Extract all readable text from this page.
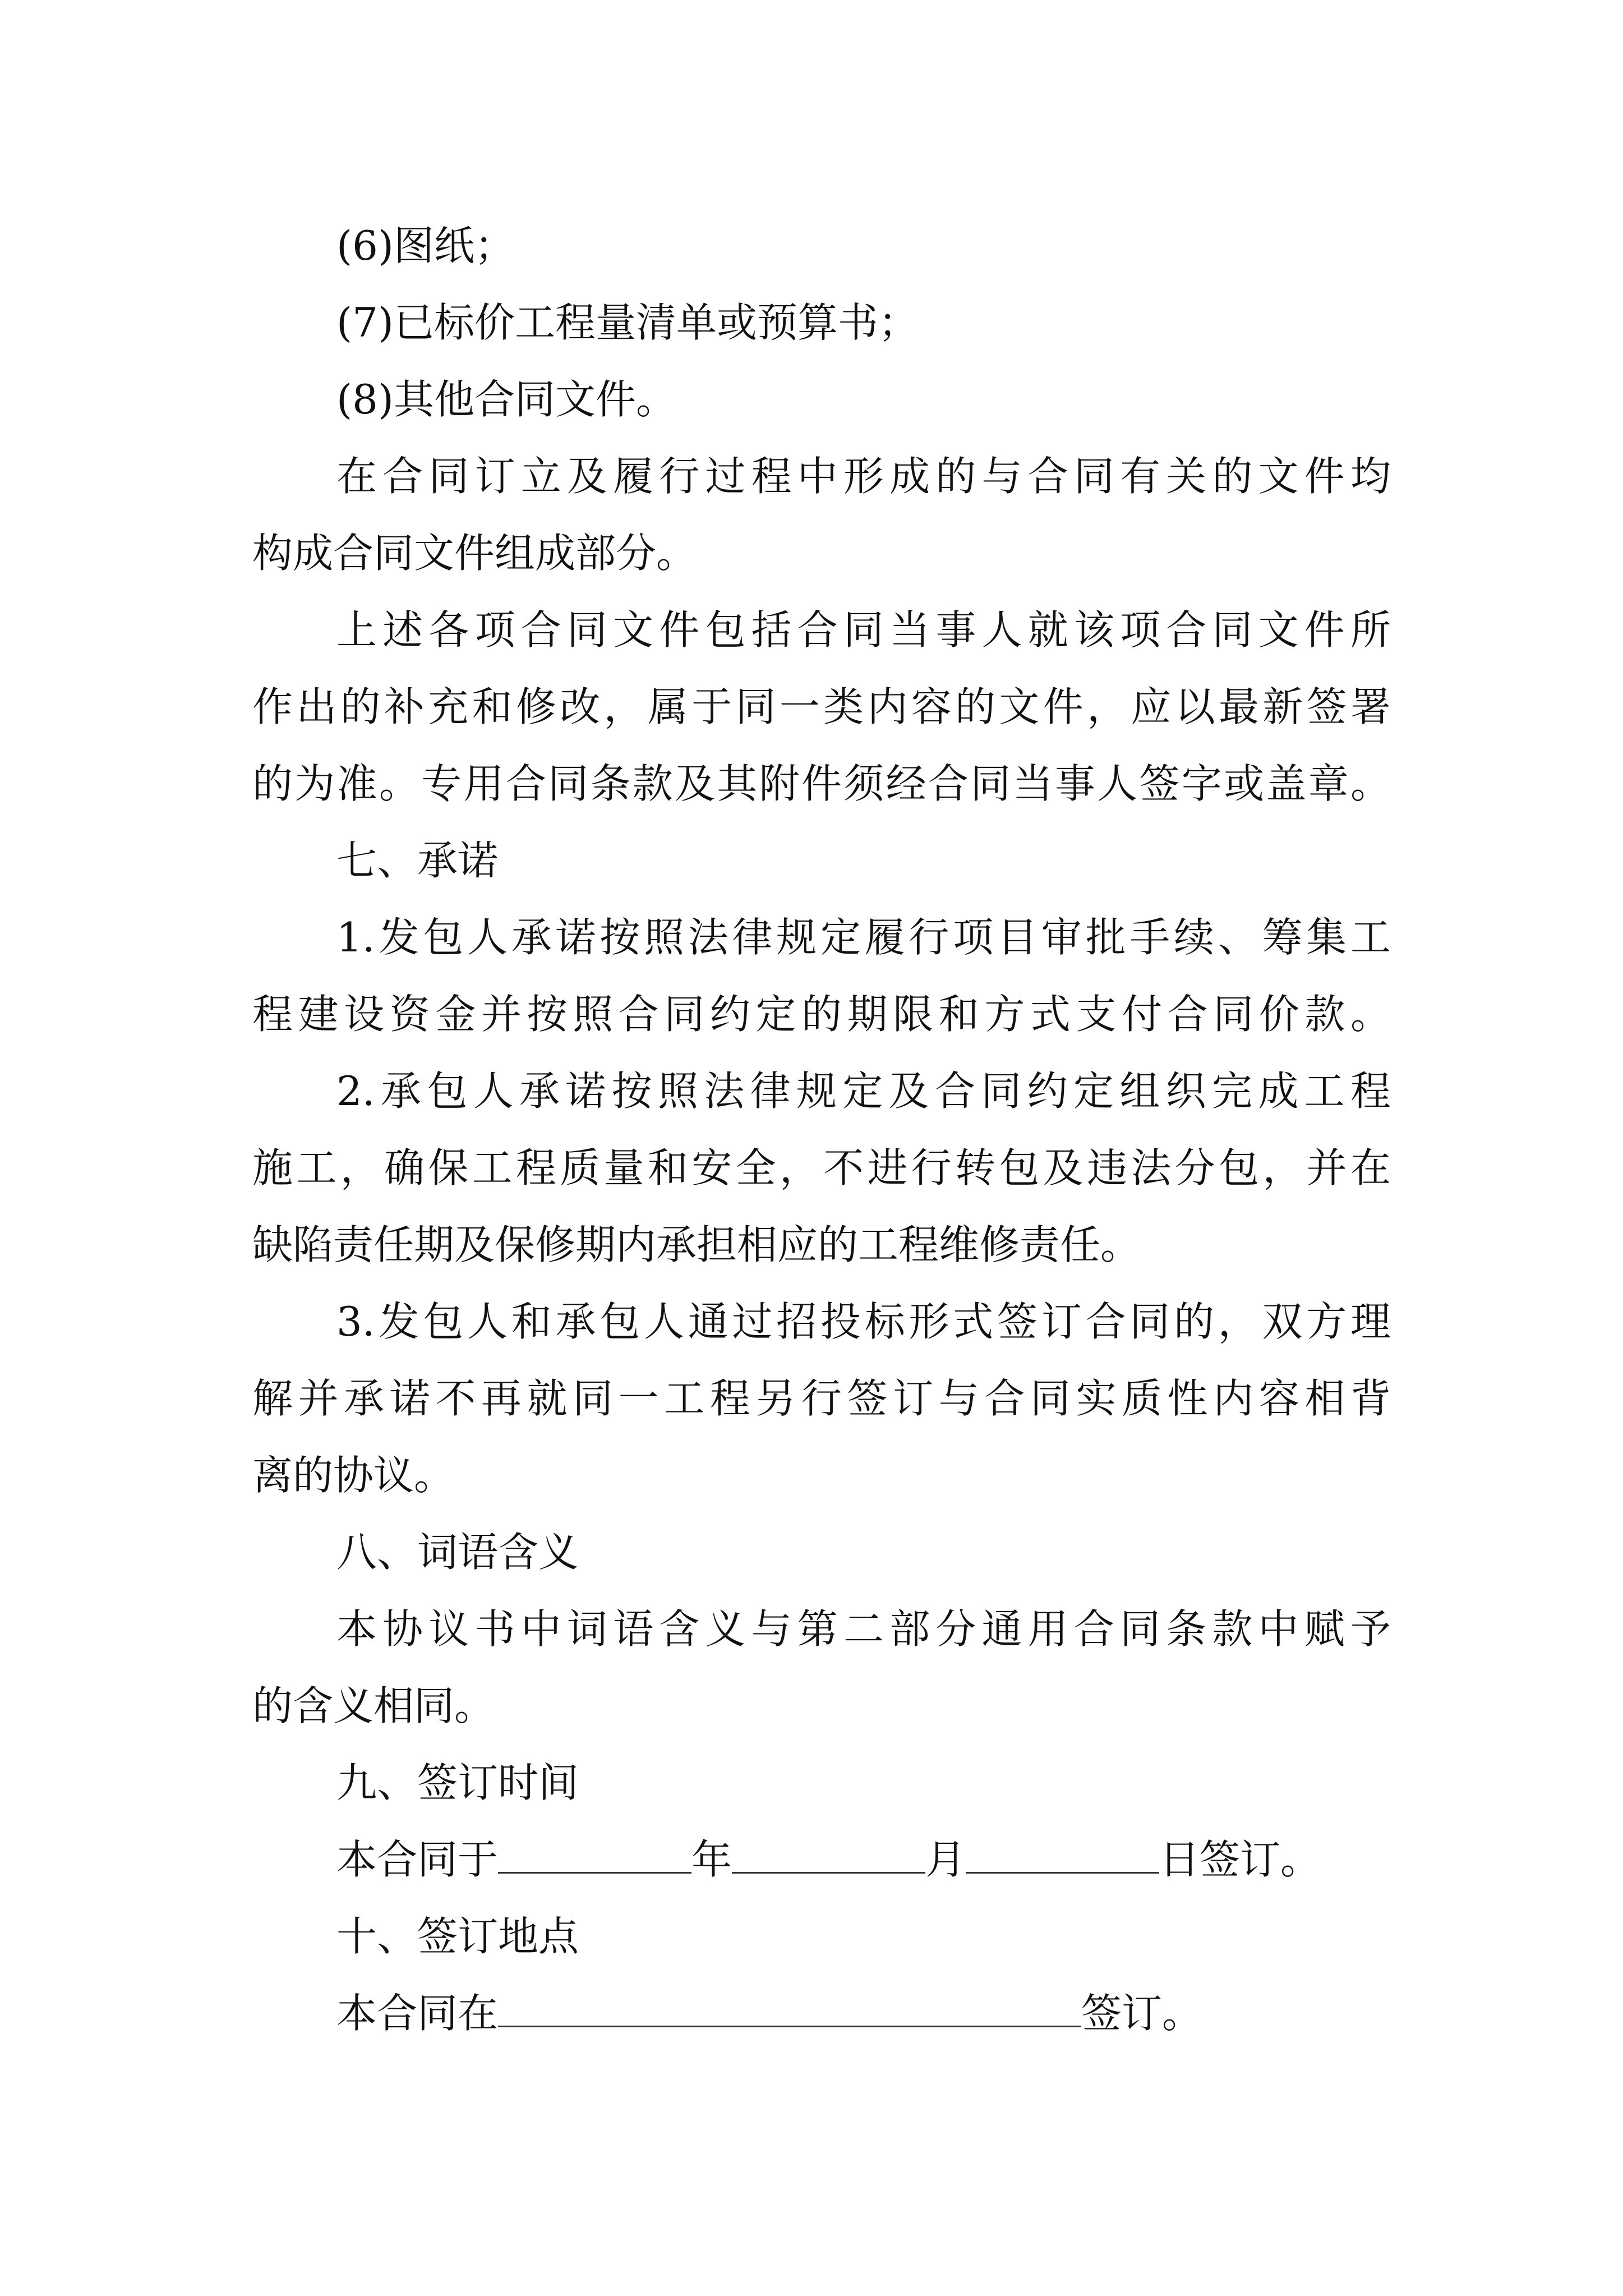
(6)图纸；

(7)已标价工程量清单或预算书；

(8)其他合同文件。

在合同订立及履行过程中形成的与合同有关的文件均

构成合同文件组成部分。

上述各项合同文件包括合同当事人就该项合同文件所

作出的补充和修改，属于同一类内容的文件，应以最新签署

的为准。专用合同条款及其附件须经合同当事人签字或盖章。

七、承诺

1.发包人承诺按照法律规定履行项目审批手续、筹集工

程建设资金并按照合同约定的期限和方式支付合同价款。

2.承包人承诺按照法律规定及合同约定组织完成工程

施工，确保工程质量和安全，不进行转包及违法分包，并在

缺陷责任期及保修期内承担相应的工程维修责任。

3.发包人和承包人通过招投标形式签订合同的，双方理

解并承诺不再就同一工程另行签订与合同实质性内容相背

离的协议。

八、词语含义

本协议书中词语含义与第二部分通用合同条款中赋予

的含义相同。

九、签订时间

本合同于	年	月	日签订。

十、签订地点

本合同在	签订。
